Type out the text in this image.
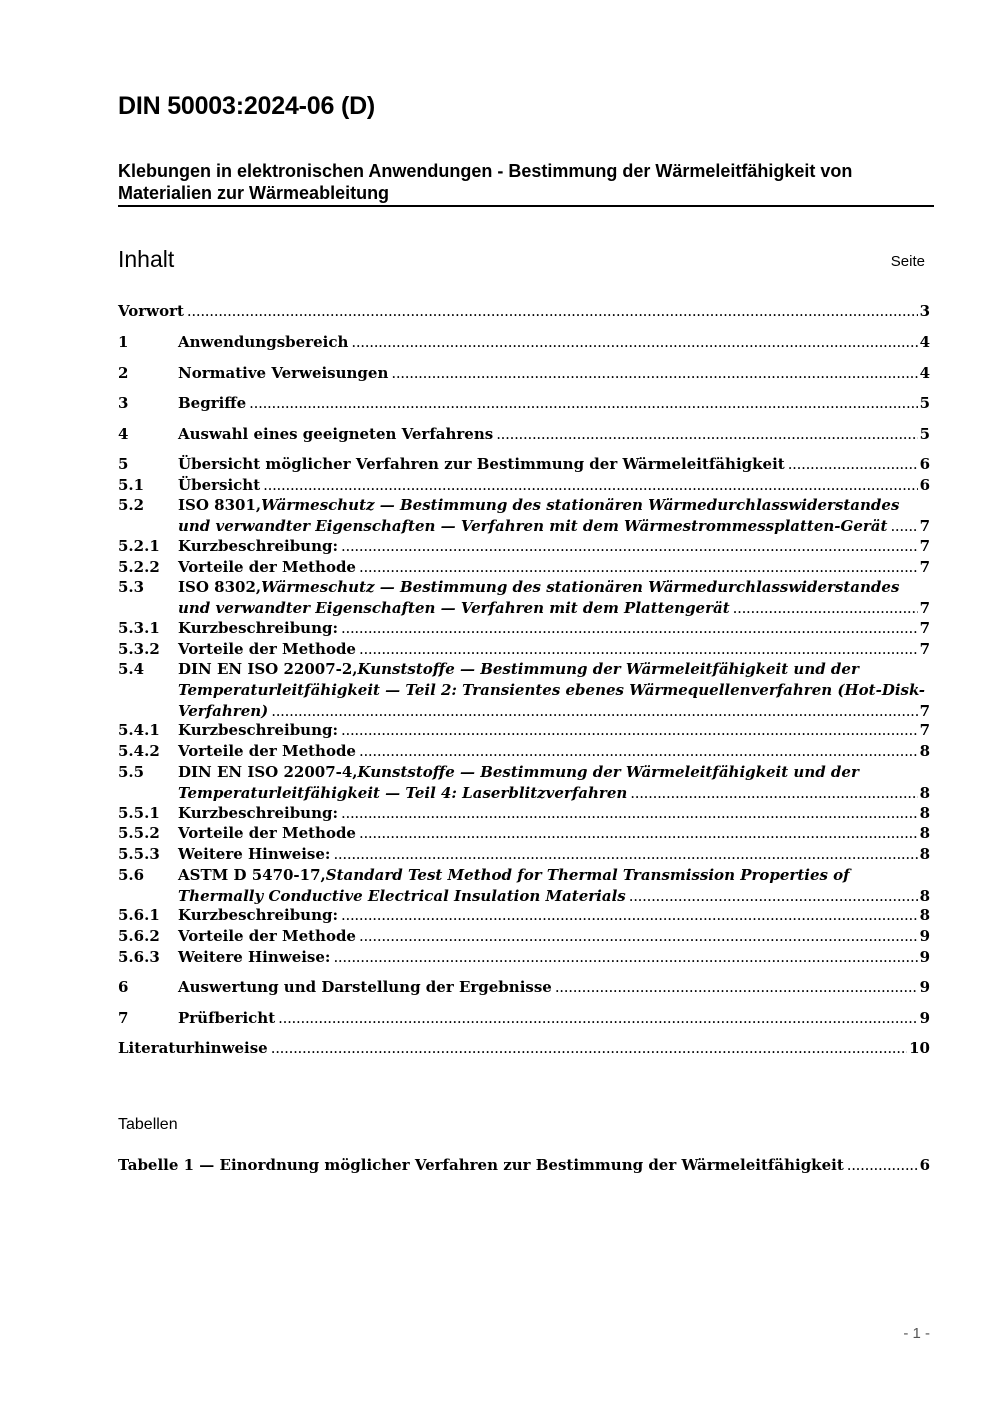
DIN 50003:2024-06 (D)
Klebungen in elektronischen Anwendungen - Bestimmung der Wärmeleitfähigkeit von Materialien zur Wärmeableitung
Inhalt	Seite
Vorwort .....	3
1	Anwendungsbereich .....	4
2	Normative Verweisungen .....	4
3	Begriffe .....	5
4	Auswahl eines geeigneten Verfahrens .....	5
5	Übersicht möglicher Verfahren zur Bestimmung der Wärmeleitfähigkeit .....	6
5.1 Übersicht .....	6
5.2 ISO 8301, Wärmeschutz — Bestimmung des stationären Wärmedurchlasswiderstandes
und verwandter Eigenschaften — Verfahren mit dem Wärmestrommessplatten-Gerät ..... 7
5.2.1 Kurzbeschreibung: .....	7
5.2.2 Vorteile der Methode .....	7
5.3 ISO 8302, Wärmeschutz — Bestimmung des stationären Wärmedurchlasswiderstandes
und verwandter Eigenschaften — Verfahren mit dem Plattengerät .....	7
5.3.1 Kurzbeschreibung: .....	7
5.3.2 Vorteile der Methode .....	7
5.4 DIN EN ISO 22007-2, Kunststoffe — Bestimmung der Wärmeleitfähigkeit und der
Temperaturleitfähigkeit — Teil 2: Transientes ebenes Wärmequellenverfahren (Hot-Disk-
Verfahren) .....	7
5.4.1 Kurzbeschreibung: .....	7
5.4.2 Vorteile der Methode .....	8
5.5 DIN EN ISO 22007-4, Kunststoffe — Bestimmung der Wärmeleitfähigkeit und der
Temperaturleitfähigkeit — Teil 4: Laserblitzverfahren .....	8
5.5.1 Kurzbeschreibung: .....	8
5.5.2 Vorteile der Methode .....	8
5.5.3 Weitere Hinweise: .....	8
5.6 ASTM D 5470-17, Standard Test Method for Thermal Transmission Properties of
Thermally Conductive Electrical Insulation Materials .....	8
5.6.1 Kurzbeschreibung: .....	8
5.6.2 Vorteile der Methode .....	9
5.6.3 Weitere Hinweise: .....	9
6	Auswertung und Darstellung der Ergebnisse .....	9
7	Prüfbericht .....	9
Literaturhinweise .....	10
Tabellen
Tabelle 1 — Einordnung möglicher Verfahren zur Bestimmung der Wärmeleitfähigkeit .....	6
- 1 -
